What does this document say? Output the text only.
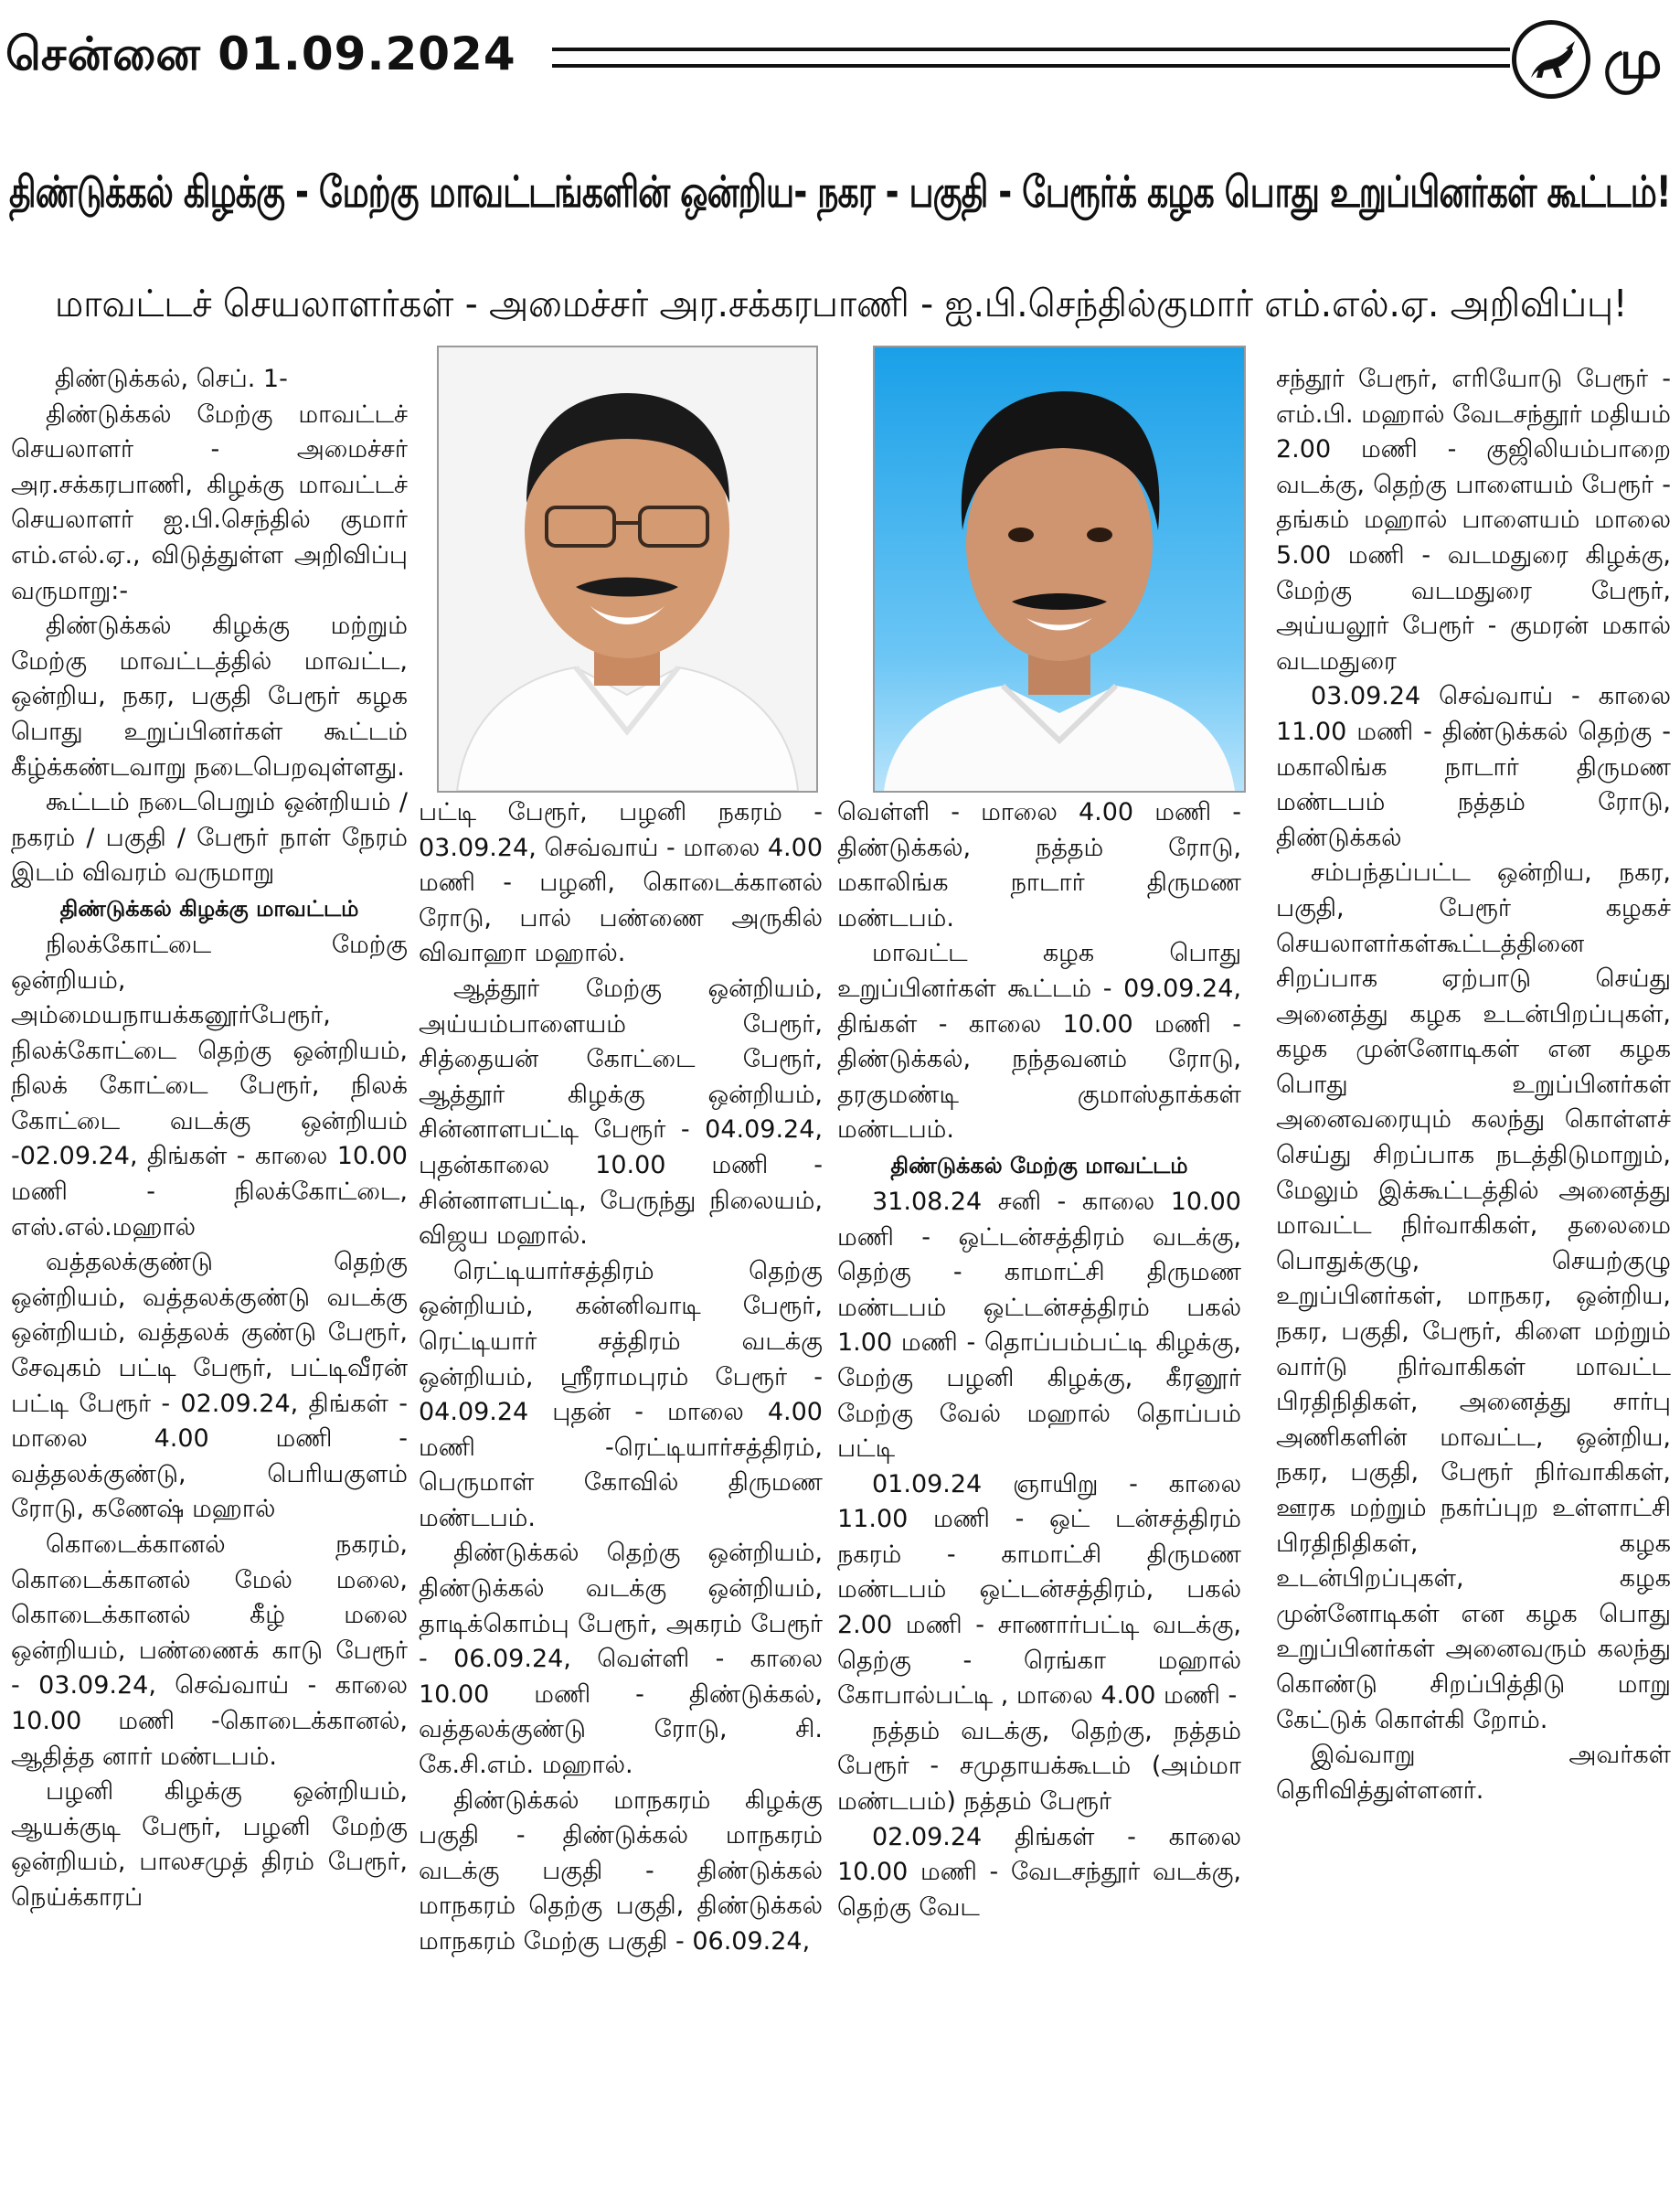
சென்னை 01.09.2024	மு
திண்டுக்கல் கிழக்கு - மேற்கு மாவட்டங்களின் ஒன்றிய- நகர - பகுதி - பேரூர்க் கழக பொது உறுப்பினர்கள் கூட்டம்!
மாவட்டச் செயலாளர்கள் - அமைச்சர் அர.சக்கரபாணி - ஐ.பி.செந்தில்குமார் எம்.எல்.ஏ. அறிவிப்பு!

திண்டுக்கல், செப். 1-

திண்டுக்கல் மேற்கு மாவட்டச் செயலாளர் - அமைச்சர் அர.சக்கரபாணி, கிழக்கு மாவட்டச் செயலாளர் ஐ.பி.செந்தில் குமார் எம்.எல்.ஏ., விடுத்துள்ள அறிவிப்பு வருமாறு:-

திண்டுக்கல் கிழக்கு மற்றும் மேற்கு மாவட்டத்தில் மாவட்ட, ஒன்றிய, நகர, பகுதி பேரூர் கழக பொது உறுப்பினர்கள் கூட்டம் கீழ்க்கண்டவாறு நடைபெறவுள்ளது.

கூட்டம் நடைபெறும் ஒன்றியம் / நகரம் / பகுதி / பேரூர் நாள் நேரம் இடம் விவரம் வருமாறு

திண்டுக்கல் கிழக்கு மாவட்டம்

நிலக்கோட்டை மேற்கு ஒன்றியம், அம்மையநாயக்கனூர்பேரூர், நிலக்கோட்டை தெற்கு ஒன்றியம், நிலக் கோட்டை பேரூர், நிலக் கோட்டை வடக்கு ஒன்றியம் -02.09.24, திங்கள் - காலை 10.00 மணி - நிலக்கோட்டை, எஸ்.எல்.மஹால்

வத்தலக்குண்டு தெற்கு ஒன்றியம், வத்தலக்குண்டு வடக்கு ஒன்றியம், வத்தலக் குண்டு பேரூர், சேவுகம் பட்டி பேரூர், பட்டிவீரன் பட்டி பேரூர் - 02.09.24, திங்கள் - மாலை 4.00 மணி - வத்தலக்குண்டு, பெரியகுளம் ரோடு, கணேஷ் மஹால்

கொடைக்கானல் நகரம், கொடைக்கானல் மேல் மலை, கொடைக்கானல் கீழ் மலை ஒன்றியம், பண்ணைக் காடு பேரூர் - 03.09.24, செவ்வாய் - காலை 10.00 மணி -கொடைக்கானல், ஆதித்த னார் மண்டபம்.

பழனி கிழக்கு ஒன்றியம், ஆயக்குடி பேரூர், பழனி மேற்கு ஒன்றியம், பாலசமுத் திரம் பேரூர், நெய்க்காரப்

பட்டி பேரூர், பழனி நகரம் - 03.09.24, செவ்வாய் - மாலை 4.00 மணி - பழனி, கொடைக்கானல் ரோடு, பால் பண்ணை அருகில் விவாஹா மஹால்.

ஆத்தூர் மேற்கு ஒன்றியம், அய்யம்பாளையம் பேரூர், சித்தையன் கோட்டை பேரூர், ஆத்தூர் கிழக்கு ஒன்றியம், சின்னாளபட்டி பேரூர் - 04.09.24, புதன்காலை 10.00 மணி - சின்னாளபட்டி, பேருந்து நிலையம், விஜய மஹால்.

ரெட்டியார்சத்திரம் தெற்கு ஒன்றியம், கன்னிவாடி பேரூர், ரெட்டியார் சத்திரம் வடக்கு ஒன்றியம், ஸ்ரீராமபுரம் பேரூர் - 04.09.24 புதன் - மாலை 4.00 மணி -ரெட்டியார்சத்திரம், பெருமாள் கோவில் திருமண மண்டபம்.

திண்டுக்கல் தெற்கு ஒன்றியம், திண்டுக்கல் வடக்கு ஒன்றியம், தாடிக்கொம்பு பேரூர், அகரம் பேரூர் - 06.09.24, வெள்ளி - காலை 10.00 மணி - திண்டுக்கல், வத்தலக்குண்டு ரோடு, சி. கே.சி.எம். மஹால்.

திண்டுக்கல் மாநகரம் கிழக்கு பகுதி - திண்டுக்கல் மாநகரம் வடக்கு பகுதி - திண்டுக்கல் மாநகரம் தெற்கு பகுதி, திண்டுக்கல் மாநகரம் மேற்கு பகுதி - 06.09.24,

வெள்ளி - மாலை 4.00 மணி - திண்டுக்கல், நத்தம் ரோடு, மகாலிங்க நாடார் திருமண மண்டபம்.

மாவட்ட கழக பொது உறுப்பினர்கள் கூட்டம் - 09.09.24, திங்கள் - காலை 10.00 மணி - திண்டுக்கல், நந்தவனம் ரோடு, தரகுமண்டி குமாஸ்தாக்கள் மண்டபம்.

திண்டுக்கல் மேற்கு மாவட்டம்

31.08.24 சனி - காலை 10.00 மணி - ஒட்டன்சத்திரம் வடக்கு, தெற்கு - காமாட்சி திருமண மண்டபம் ஒட்டன்சத்திரம் பகல் 1.00 மணி - தொப்பம்பட்டி கிழக்கு, மேற்கு பழனி கிழக்கு, கீரனூர் மேற்கு வேல் மஹால் தொப்பம் பட்டி

01.09.24 ஞாயிறு - காலை 11.00 மணி - ஒட் டன்சத்திரம் நகரம் - காமாட்சி திருமண மண்டபம் ஒட்டன்சத்திரம், பகல் 2.00 மணி - சாணார்பட்டி வடக்கு, தெற்கு - ரெங்கா மஹால் கோபால்பட்டி , மாலை 4.00 மணி -

நத்தம் வடக்கு, தெற்கு, நத்தம் பேரூர் - சமுதாயக்கூடம் (அம்மா மண்டபம்) நத்தம் பேரூர்

02.09.24 திங்கள் - காலை 10.00 மணி - வேடசந்தூர் வடக்கு, தெற்கு வேட

சந்தூர் பேரூர், எரியோடு பேரூர் - எம்.பி. மஹால் வேடசந்தூர் மதியம் 2.00 மணி - குஜிலியம்பாறை வடக்கு, தெற்கு பாளையம் பேரூர் - தங்கம் மஹால் பாளையம் மாலை 5.00 மணி - வடமதுரை கிழக்கு, மேற்கு வடமதுரை பேரூர், அய்யலூர் பேரூர் - குமரன் மகால் வடமதுரை

03.09.24 செவ்வாய் - காலை 11.00 மணி - திண்டுக்கல் தெற்கு - மகாலிங்க நாடார் திருமண மண்டபம் நத்தம் ரோடு, திண்டுக்கல்

சம்பந்தப்பட்ட ஒன்றிய, நகர, பகுதி, பேரூர் கழகச் செயலாளர்கள்கூட்டத்தினை சிறப்பாக ஏற்பாடு செய்து அனைத்து கழக உடன்பிறப்புகள், கழக முன்னோடிகள் என கழக பொது உறுப்பினர்கள் அனைவரையும் கலந்து கொள்ளச் செய்து சிறப்பாக நடத்திடுமாறும், மேலும் இக்கூட்டத்தில் அனைத்து மாவட்ட நிர்வாகிகள், தலைமை பொதுக்குழு, செயற்குழு உறுப்பினர்கள், மாநகர, ஒன்றிய, நகர, பகுதி, பேரூர், கிளை மற்றும் வார்டு நிர்வாகிகள் மாவட்ட பிரதிநிதிகள், அனைத்து சார்பு அணிகளின் மாவட்ட, ஒன்றிய, நகர, பகுதி, பேரூர் நிர்வாகிகள், ஊரக மற்றும் நகர்ப்புற உள்ளாட்சி பிரதிநிதிகள், கழக உடன்பிறப்புகள், கழக முன்னோடிகள் என கழக பொது உறுப்பினர்கள் அனைவரும் கலந்து கொண்டு சிறப்பித்திடு மாறு கேட்டுக் கொள்கி றோம்.

இவ்வாறு அவர்கள் தெரிவித்துள்ளனர்.
